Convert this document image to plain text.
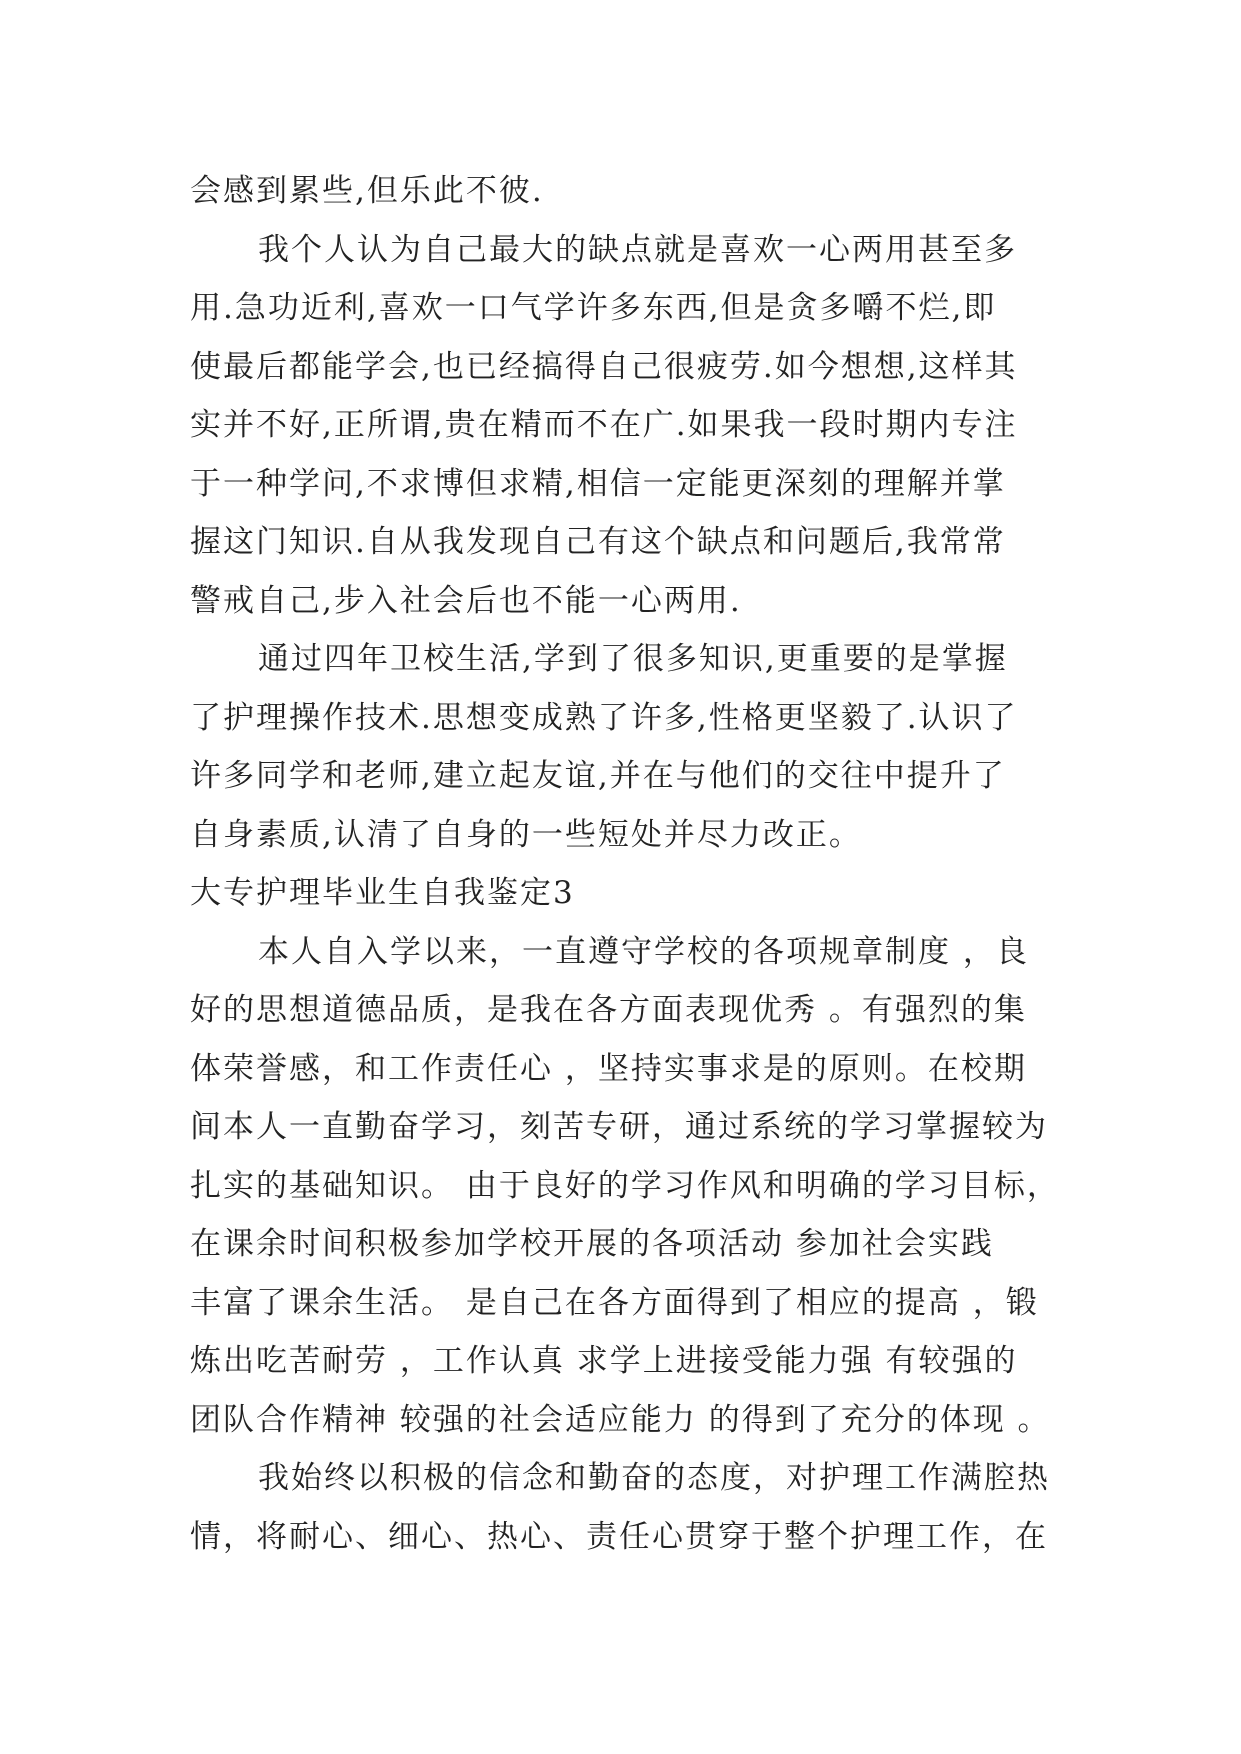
会感到累些,但乐此不彼.
我个人认为自己最大的缺点就是喜欢一心两用甚至多
用.急功近利,喜欢一口气学许多东西,但是贪多嚼不烂,即
使最后都能学会,也已经搞得自己很疲劳.如今想想,这样其
实并不好,正所谓,贵在精而不在广.如果我一段时期内专注
于一种学问,不求博但求精,相信一定能更深刻的理解并掌
握这门知识.自从我发现自己有这个缺点和问题后,我常常
警戒自己,步入社会后也不能一心两用.
通过四年卫校生活,学到了很多知识,更重要的是掌握
了护理操作技术.思想变成熟了许多,性格更坚毅了.认识了
许多同学和老师,建立起友谊,并在与他们的交往中提升了
自身素质,认清了自身的一些短处并尽力改正。
大专护理毕业生自我鉴定3
本人自入学以来，一直遵守学校的各项规章制度 ，良
好的思想道德品质，是我在各方面表现优秀 。有强烈的集
体荣誉感，和工作责任心 ，坚持实事求是的原则。在校期
间本人一直勤奋学习，刻苦专研，通过系统的学习掌握较为
扎实的基础知识。 由于良好的学习作风和明确的学习目标，
在课余时间积极参加学校开展的各项活动 参加社会实践
丰富了课余生活。 是自己在各方面得到了相应的提高 ，锻
炼出吃苦耐劳 ，工作认真 求学上进接受能力强 有较强的
团队合作精神 较强的社会适应能力 的得到了充分的体现 。
我始终以积极的信念和勤奋的态度，对护理工作满腔热
情，将耐心、细心、热心、责任心贯穿于整个护理工作，在
